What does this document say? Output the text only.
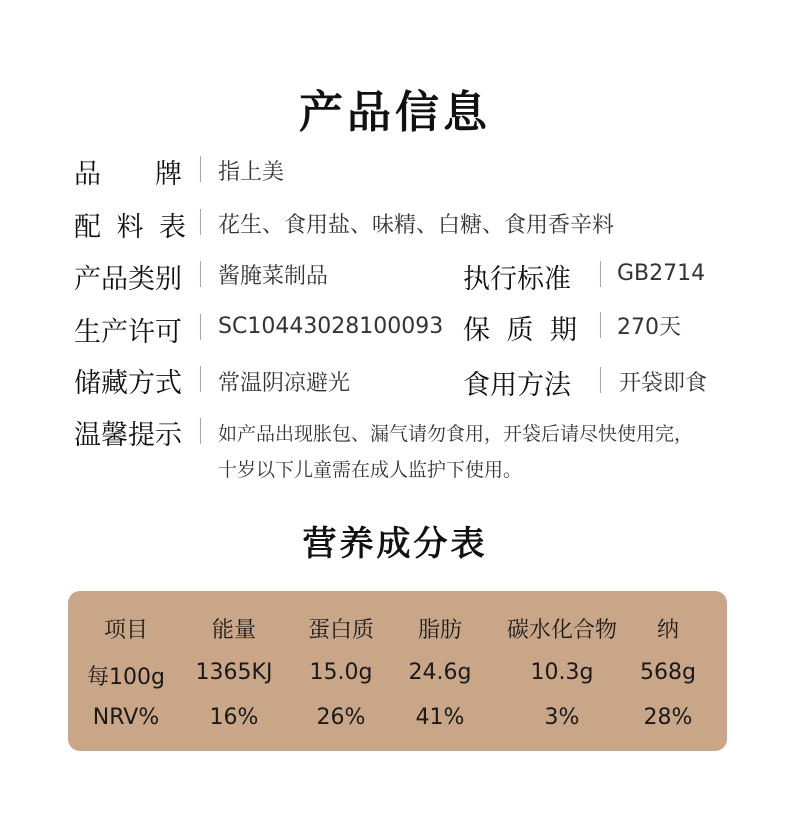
产品信息
品 牌 指上美
配 料 表 花生、食用盐、味精、白糖、食用香辛料
产品类别 酱腌菜制品	执行标准 GB2714
生产许可 SC10443028100093 保 质 期 270天
储藏方式 常温阴凉避光	食用方法 开袋即食
温馨提示 如产品出现胀包、漏气请勿食用，开袋后请尽快使用完，
十岁以下儿童需在成人监护下使用。
营养成分表
项目	能量 蛋白质 脂肪 碳水化合物 纳
每100g 1365KJ 15.0g 24.6g	10.3g 568g
NRV% 16%	26% 41%	3%	28%
